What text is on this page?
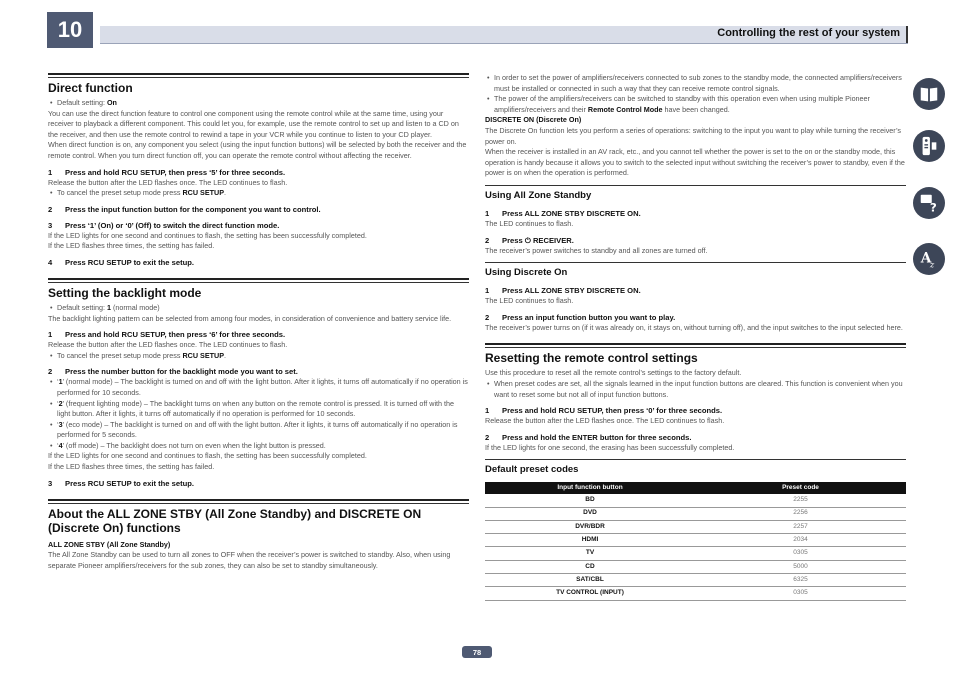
10	Controlling the rest of your system
Direct function

• Default setting: On

You can use the direct function feature to control one component using the remote control while at the same time, using your receiver to playback a different component. This could let you, for example, use the remote control to set up and listen to a CD on the receiver, and then use the remote control to rewind a tape in your VCR while you continue to listen to your CD player.

When direct function is on, any component you select (using the input function buttons) will be selected by both the receiver and the remote control. When you turn direct function off, you can operate the remote control without affecting the receiver.

1 Press and hold RCU SETUP, then press ‘5’ for three seconds.

Release the button after the LED flashes once. The LED continues to flash.

• To cancel the preset setup mode press RCU SETUP.

2 Press the input function button for the component you want to control.

3 Press ‘1’ (On) or ‘0’ (Off) to switch the direct function mode.

If the LED lights for one second and continues to flash, the setting has been successfully completed.

If the LED flashes three times, the setting has failed.

4 Press RCU SETUP to exit the setup.

Setting the backlight mode

• Default setting: 1 (normal mode)

The backlight lighting pattern can be selected from among four modes, in consideration of convenience and battery service life.

1 Press and hold RCU SETUP, then press ‘6’ for three seconds.

Release the button after the LED flashes once. The LED continues to flash.

• To cancel the preset setup mode press RCU SETUP.

2 Press the number button for the backlight mode you want to set.

• ‘1’ (normal mode) – The backlight is turned on and off with the light button. After it lights, it turns off automatically if no operation is performed for 10 seconds.

• ‘2’ (frequent lighting mode) – The backlight turns on when any button on the remote control is pressed. It is turned off with the light button. After it lights, it turns off automatically if no operation is performed for 10 seconds.

• ‘3’ (eco mode) – The backlight is turned on and off with the light button. After it lights, it turns off automatically if no operation is performed for 5 seconds.

• ‘4’ (off mode) – The backlight does not turn on even when the light button is pressed.

If the LED lights for one second and continues to flash, the setting has been successfully completed.

If the LED flashes three times, the setting has failed.

3 Press RCU SETUP to exit the setup.

About the ALL ZONE STBY (All Zone Standby) and DISCRETE ON (Discrete On) functions

ALL ZONE STBY (All Zone Standby)

The All Zone Standby can be used to turn all zones to OFF when the receiver’s power is switched to standby. Also, when using separate Pioneer amplifiers/receivers for the sub zones, they can also be set to standby simultaneously.

• In order to set the power of amplifiers/receivers connected to sub zones to the standby mode, the connected amplifiers/receivers must be installed or connected in such a way that they can receive remote control signals.

• The power of the amplifiers/receivers can be switched to standby with this operation even when using multiple Pioneer amplifiers/receivers and their Remote Control Mode have been changed.

DISCRETE ON (Discrete On)

The Discrete On function lets you perform a series of operations: switching to the input you want to play while turning the receiver’s power on.

When the receiver is installed in an AV rack, etc., and you cannot tell whether the power is set to the on or the standby mode, this operation is handy because it allows you to switch to the selected input without switching the receiver’s power to standby, even if the power is on when the operation is performed.

Using All Zone Standby

1 Press ALL ZONE STBY DISCRETE ON.

The LED continues to flash.

2 Press ⏻ RECEIVER.

The receiver’s power switches to standby and all zones are turned off.

Using Discrete On

1 Press ALL ZONE STBY DISCRETE ON.

The LED continues to flash.

2 Press an input function button you want to play.

The receiver’s power turns on (if it was already on, it stays on, without turning off), and the input switches to the input selected here.

Resetting the remote control settings

Use this procedure to reset all the remote control’s settings to the factory default.

• When preset codes are set, all the signals learned in the input function buttons are cleared. This function is convenient when you want to reset some but not all of input function buttons.

1 Press and hold RCU SETUP, then press ‘0’ for three seconds.

Release the button after the LED flashes once. The LED continues to flash.

2 Press and hold the ENTER button for three seconds.

If the LED lights for one second, the erasing has been successfully completed.

Default preset codes
Input function button	Preset code
BD	2255
DVD	2256
DVR/BDR	2257
HDMI	2034
TV	0305
CD	5000
SAT/CBL	6325
TV CONTROL (INPUT)	0305
?
A
z
78
